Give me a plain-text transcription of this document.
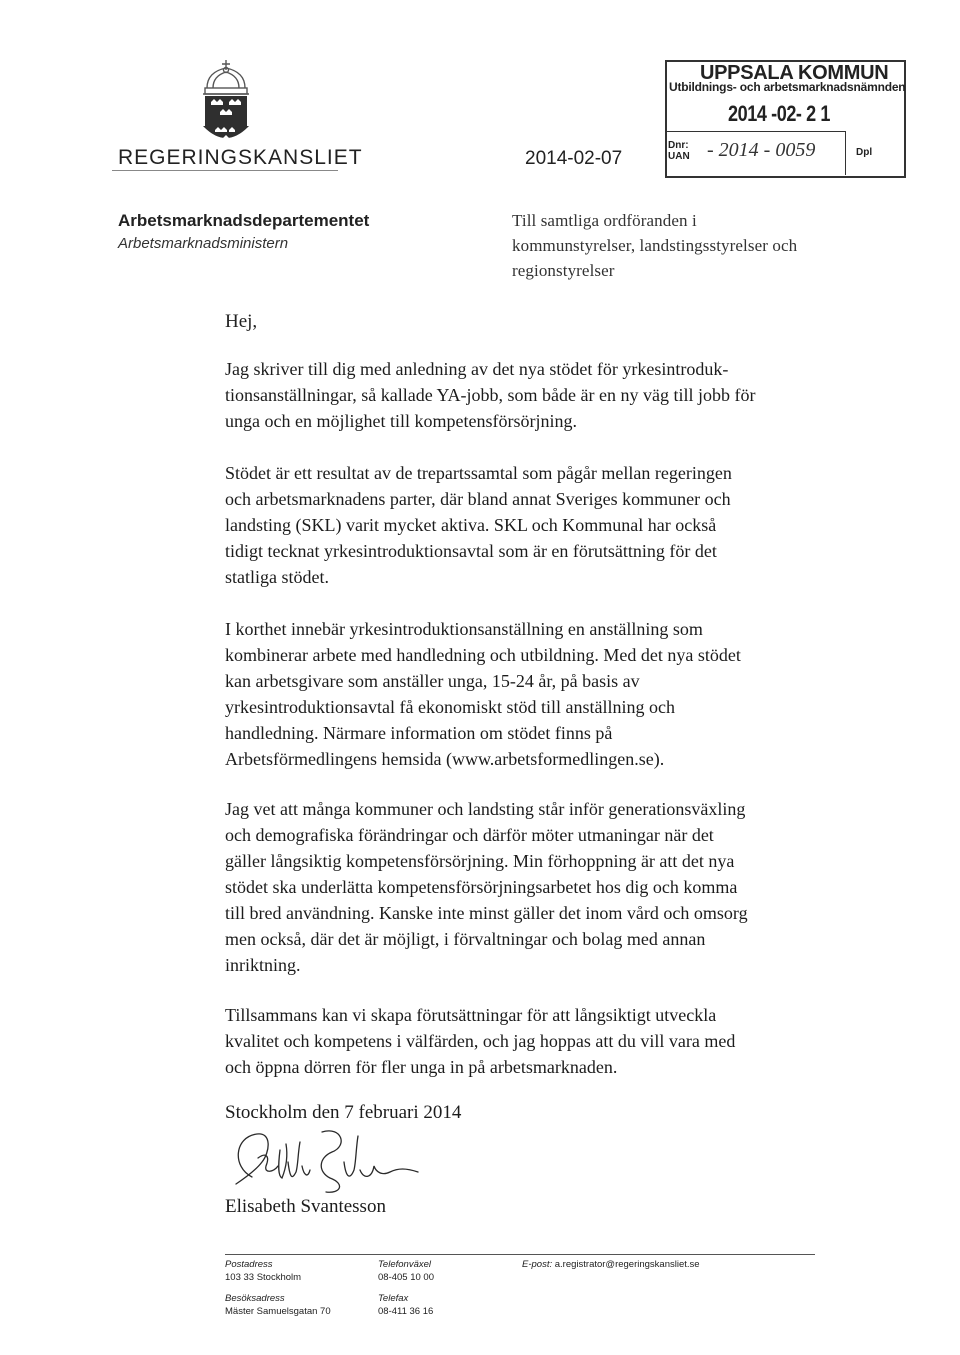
REGERINGSKANSLIET	2014-02-07
UPPSALA KOMMUN
Utbildnings- och arbetsmarknadsnämnden
2014 -02- 2 1
Dnr:
UAN - 2014 - 0059	Dpl
Arbetsmarknadsdepartementet
Arbetsmarknadsministern
Till samtliga ordföranden i
kommunstyrelser, landstingsstyrelser och
regionstyrelser
Hej,
Jag skriver till dig med anledning av det nya stödet för yrkesintroduk-
tionsanställningar, så kallade YA-jobb, som både är en ny väg till jobb för
unga och en möjlighet till kompetensförsörjning.
Stödet är ett resultat av de trepartssamtal som pågår mellan regeringen
och arbetsmarknadens parter, där bland annat Sveriges kommuner och
landsting (SKL) varit mycket aktiva. SKL och Kommunal har också
tidigt tecknat yrkesintroduktionsavtal som är en förutsättning för det
statliga stödet.
I korthet innebär yrkesintroduktionsanställning en anställning som
kombinerar arbete med handledning och utbildning. Med det nya stödet
kan arbetsgivare som anställer unga, 15-24 år, på basis av
yrkesintroduktionsavtal få ekonomiskt stöd till anställning och
handledning. Närmare information om stödet finns på
Arbetsförmedlingens hemsida (www.arbetsformedlingen.se).
Jag vet att många kommuner och landsting står inför generationsväxling
och demografiska förändringar och därför möter utmaningar när det
gäller långsiktig kompetensförsörjning. Min förhoppning är att det nya
stödet ska underlätta kompetensförsörjningsarbetet hos dig och komma
till bred användning. Kanske inte minst gäller det inom vård och omsorg
men också, där det är möjligt, i förvaltningar och bolag med annan
inriktning.
Tillsammans kan vi skapa förutsättningar för att långsiktigt utveckla
kvalitet och kompetens i välfärden, och jag hoppas att du vill vara med
och öppna dörren för fler unga in på arbetsmarknaden.
Stockholm den 7 februari 2014
Elisabeth Svantesson
Postadress
103 33 Stockholm
Besöksadress
Mäster Samuelsgatan 70
Telefonväxel
08-405 10 00
Telefax
08-411 36 16
E-post: a.registrator@regeringskansliet.se
